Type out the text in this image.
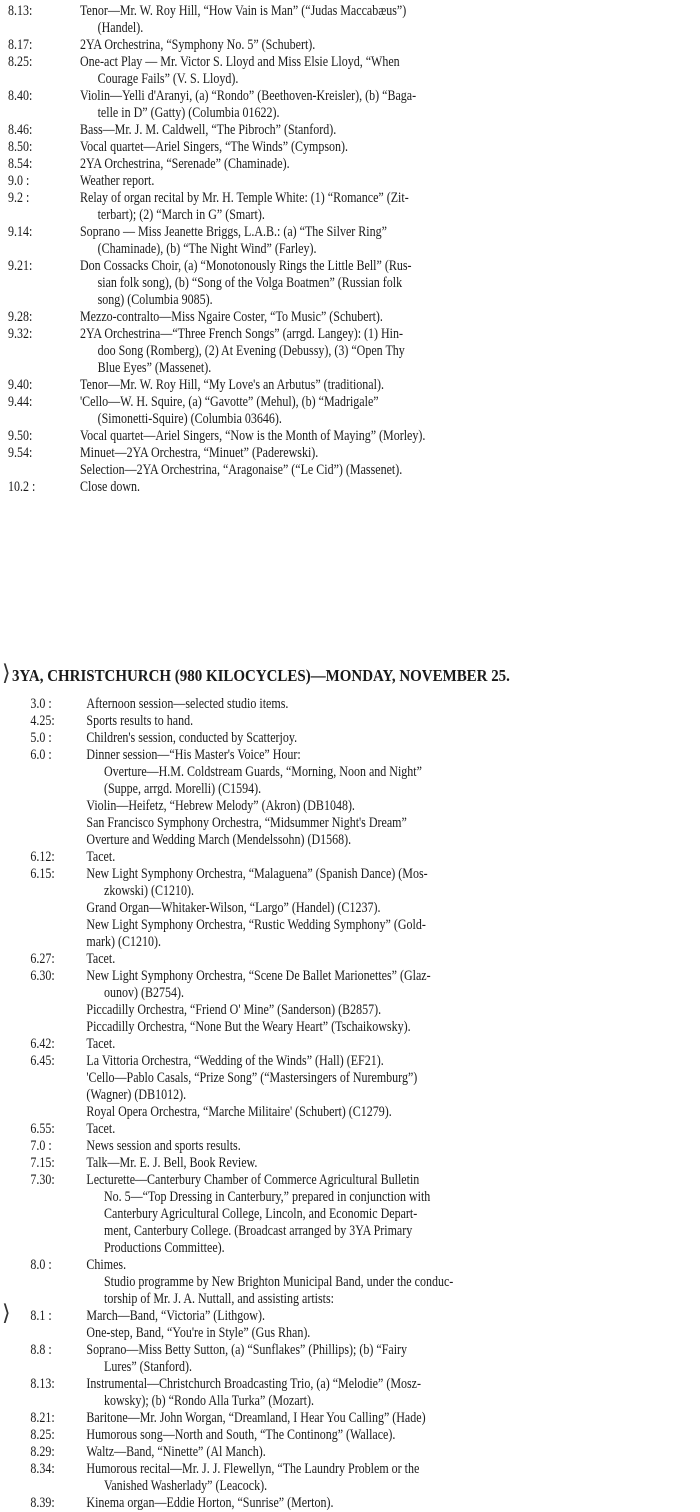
8.13:	Tenor—Mr. W. Roy Hill, “How Vain is Man” (“Judas Maccabæus”)
(Handel).
8.17:	2YA Orchestrina, “Symphony No. 5” (Schubert).
8.25:	One-act Play — Mr. Victor S. Lloyd and Miss Elsie Lloyd, “When
Courage Fails” (V. S. Lloyd).
8.40:	Violin—Yelli d'Aranyi, (a) “Rondo” (Beethoven-Kreisler), (b) “Baga-
telle in D” (Gatty) (Columbia 01622).
8.46:	Bass—Mr. J. M. Caldwell, “The Pibroch” (Stanford).
8.50:	Vocal quartet—Ariel Singers, “The Winds” (Cympson).
8.54:	2YA Orchestrina, “Serenade” (Chaminade).
9.0 :	Weather report.
9.2 :	Relay of organ recital by Mr. H. Temple White: (1) “Romance” (Zit-
terbart); (2) “March in G” (Smart).
9.14:	Soprano — Miss Jeanette Briggs, L.A.B.: (a) “The Silver Ring”
(Chaminade), (b) “The Night Wind” (Farley).
9.21:	Don Cossacks Choir, (a) “Monotonously Rings the Little Bell” (Rus-
sian folk song), (b) “Song of the Volga Boatmen” (Russian folk
song) (Columbia 9085).
9.28:	Mezzo-contralto—Miss Ngaire Coster, “To Music” (Schubert).
9.32:	2YA Orchestrina—“Three French Songs” (arrgd. Langey): (1) Hin-
doo Song (Romberg), (2) At Evening (Debussy), (3) “Open Thy
Blue Eyes” (Massenet).
9.40:	Tenor—Mr. W. Roy Hill, “My Love's an Arbutus” (traditional).
9.44:	'Cello—W. H. Squire, (a) “Gavotte” (Mehul), (b) “Madrigale”
(Simonetti-Squire) (Columbia 03646).
9.50:	Vocal quartet—Ariel Singers, “Now is the Month of Maying” (Morley).
9.54:	Minuet—2YA Orchestra, “Minuet” (Paderewski).
Selection—2YA Orchestrina, “Aragonaise” (“Le Cid”) (Massenet).
10.2 :	Close down.
3YA, CHRISTCHURCH (980 KILOCYCLES)—MONDAY, NOVEMBER 25.
3.0 :	Afternoon session—selected studio items.
4.25:	Sports results to hand.
5.0 :	Children's session, conducted by Scatterjoy.
6.0 :	Dinner session—“His Master's Voice” Hour:
Overture—H.M. Coldstream Guards, “Morning, Noon and Night”
(Suppe, arrgd. Morelli) (C1594).
Violin—Heifetz, “Hebrew Melody” (Akron) (DB1048).
San Francisco Symphony Orchestra, “Midsummer Night's Dream”
Overture and Wedding March (Mendelssohn) (D1568).
6.12:	Tacet.
6.15:	New Light Symphony Orchestra, “Malaguena” (Spanish Dance) (Mos-
zkowski) (C1210).
Grand Organ—Whitaker-Wilson, “Largo” (Handel) (C1237).
New Light Symphony Orchestra, “Rustic Wedding Symphony” (Gold-
mark) (C1210).
6.27:	Tacet.
6.30:	New Light Symphony Orchestra, “Scene De Ballet Marionettes” (Glaz-
ounov) (B2754).
Piccadilly Orchestra, “Friend O' Mine” (Sanderson) (B2857).
Piccadilly Orchestra, “None But the Weary Heart” (Tschaikowsky).
6.42:	Tacet.
6.45:	La Vittoria Orchestra, “Wedding of the Winds” (Hall) (EF21).
'Cello—Pablo Casals, “Prize Song” (“Mastersingers of Nuremburg”)
(Wagner) (DB1012).
Royal Opera Orchestra, “Marche Militaire' (Schubert) (C1279).
6.55:	Tacet.
7.0 :	News session and sports results.
7.15:	Talk—Mr. E. J. Bell, Book Review.
7.30:	Lecturette—Canterbury Chamber of Commerce Agricultural Bulletin
No. 5—“Top Dressing in Canterbury,” prepared in conjunction with
Canterbury Agricultural College, Lincoln, and Economic Depart-
ment, Canterbury College. (Broadcast arranged by 3YA Primary
Productions Committee).
8.0 :	Chimes.
Studio programme by New Brighton Municipal Band, under the conduc-
torship of Mr. J. A. Nuttall, and assisting artists:
8.1 :	March—Band, “Victoria” (Lithgow).
One-step, Band, “You're in Style” (Gus Rhan).
8.8 :	Soprano—Miss Betty Sutton, (a) “Sunflakes” (Phillips); (b) “Fairy
Lures” (Stanford).
8.13:	Instrumental—Christchurch Broadcasting Trio, (a) “Melodie” (Mosz-
kowsky); (b) “Rondo Alla Turka” (Mozart).
8.21:	Baritone—Mr. John Worgan, “Dreamland, I Hear You Calling” (Hade)
8.25:	Humorous song—North and South, “The Continong” (Wallace).
8.29:	Waltz—Band, “Ninette” (Al Manch).
8.34:	Humorous recital—Mr. J. J. Flewellyn, “The Laundry Problem or the
Vanished Washerlady” (Leacock).
8.39:	Kinema organ—Eddie Horton, “Sunrise” (Merton).
⟩
⟩
